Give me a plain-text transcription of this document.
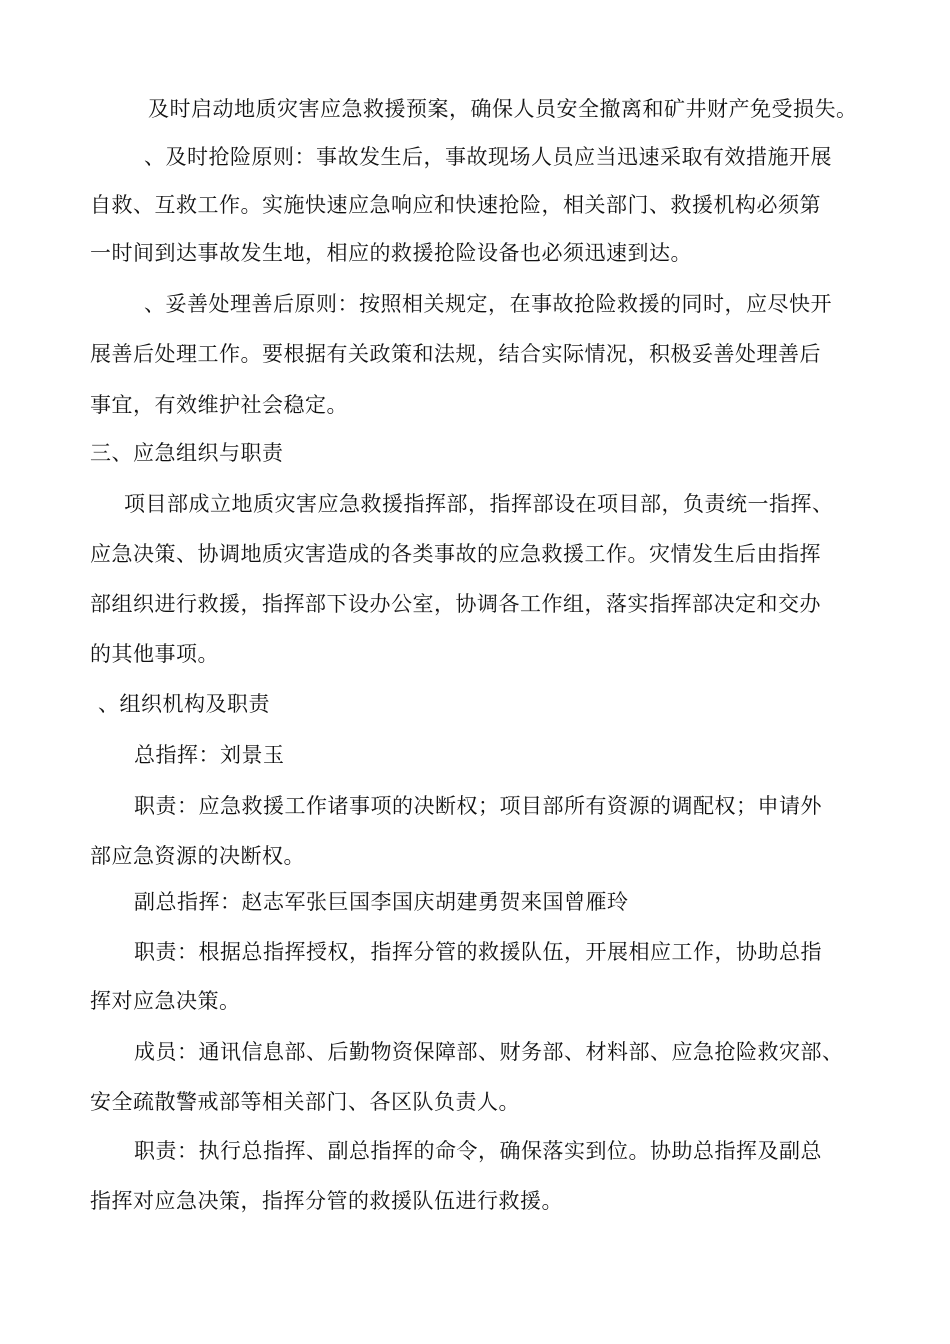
及时启动地质灾害应急救援预案，确保人员安全撤离和矿井财产免受损失。
、及时抢险原则：事故发生后，事故现场人员应当迅速采取有效措施开展
自救、互救工作。实施快速应急响应和快速抢险，相关部门、救援机构必须第
一时间到达事故发生地，相应的救援抢险设备也必须迅速到达。
、妥善处理善后原则：按照相关规定，在事故抢险救援的同时，应尽快开
展善后处理工作。要根据有关政策和法规，结合实际情况，积极妥善处理善后
事宜，有效维护社会稳定。
三、应急组织与职责
项目部成立地质灾害应急救援指挥部，指挥部设在项目部，负责统一指挥、
应急决策、协调地质灾害造成的各类事故的应急救援工作。灾情发生后由指挥
部组织进行救援，指挥部下设办公室，协调各工作组，落实指挥部决定和交办
的其他事项。
、组织机构及职责
总指挥：刘景玉
职责：应急救援工作诸事项的决断权；项目部所有资源的调配权；申请外
部应急资源的决断权。
副总指挥：赵志军张巨国李国庆胡建勇贺来国曾雁玲
职责：根据总指挥授权，指挥分管的救援队伍，开展相应工作，协助总指
挥对应急决策。
成员：通讯信息部、后勤物资保障部、财务部、材料部、应急抢险救灾部、
安全疏散警戒部等相关部门、各区队负责人。
职责：执行总指挥、副总指挥的命令，确保落实到位。协助总指挥及副总
指挥对应急决策，指挥分管的救援队伍进行救援。
